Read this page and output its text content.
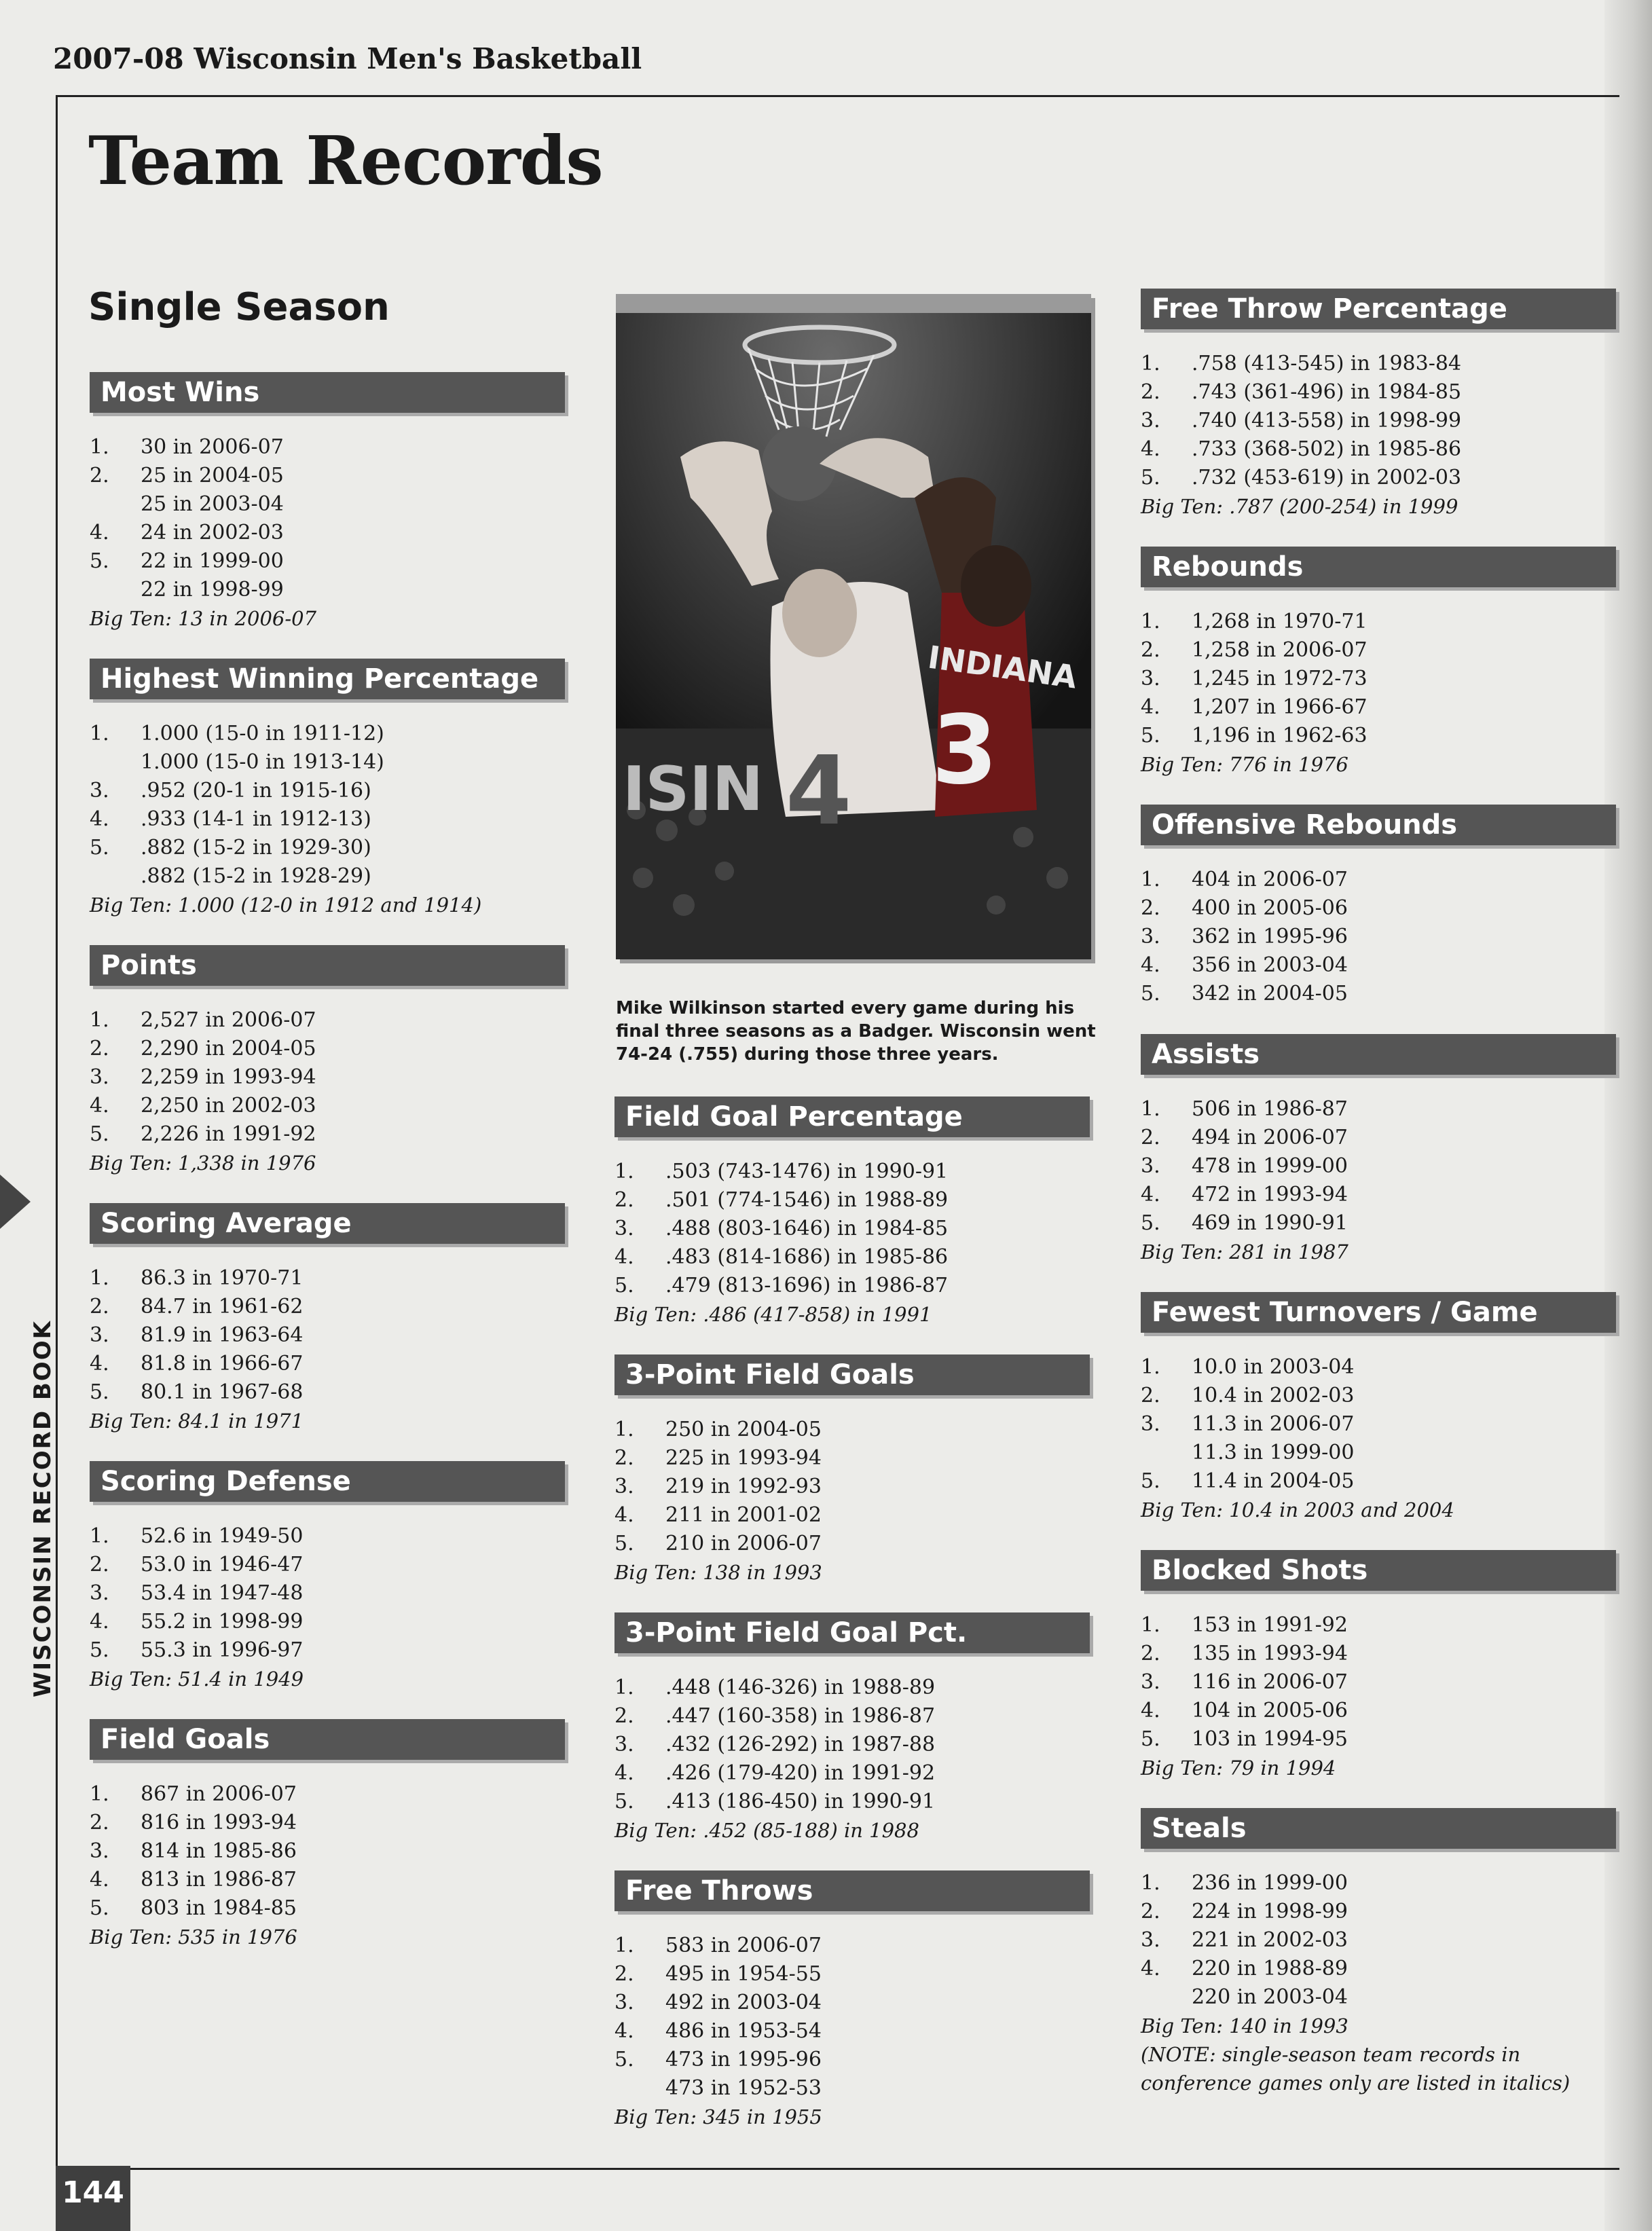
2007-08 Wisconsin Men's Basketball
Team Records
Single Season
WISCONSIN RECORD BOOK
Most Wins
1.	30 in 2006-07
2.	25 in 2004-05
25 in 2003-04
4.	24 in 2002-03
5.	22 in 1999-00
22 in 1998-99
Big Ten: 13 in 2006-07
Highest Winning Percentage
1.	1.000 (15-0 in 1911-12)
1.000 (15-0 in 1913-14)
3.	.952 (20-1 in 1915-16)
4.	.933 (14-1 in 1912-13)
5.	.882 (15-2 in 1929-30)
.882 (15-2 in 1928-29)
Big Ten: 1.000 (12-0 in 1912 and 1914)
Points
1.	2,527 in 2006-07
2.	2,290 in 2004-05
3.	2,259 in 1993-94
4.	2,250 in 2002-03
5.	2,226 in 1991-92
Big Ten: 1,338 in 1976
Scoring Average
1.	86.3 in 1970-71
2.	84.7 in 1961-62
3.	81.9 in 1963-64
4.	81.8 in 1966-67
5.	80.1 in 1967-68
Big Ten: 84.1 in 1971
Scoring Defense
1.	52.6 in 1949-50
2.	53.0 in 1946-47
3.	53.4 in 1947-48
4.	55.2 in 1998-99
5.	55.3 in 1996-97
Big Ten: 51.4 in 1949
Field Goals
1.	867 in 2006-07
2.	816 in 1993-94
3.	814 in 1985-86
4.	813 in 1986-87
5.	803 in 1984-85
Big Ten: 535 in 1976
ISIN 4
INDIANA
3
Mike Wilkinson started every game during his final three seasons as a Badger. Wisconsin went 74-24 (.755) during those three years.
Field Goal Percentage
1.	.503 (743-1476) in 1990-91
2.	.501 (774-1546) in 1988-89
3.	.488 (803-1646) in 1984-85
4.	.483 (814-1686) in 1985-86
5.	.479 (813-1696) in 1986-87
Big Ten: .486 (417-858) in 1991
3-Point Field Goals
1.	250 in 2004-05
2.	225 in 1993-94
3.	219 in 1992-93
4.	211 in 2001-02
5.	210 in 2006-07
Big Ten: 138 in 1993
3-Point Field Goal Pct.
1.	.448 (146-326) in 1988-89
2.	.447 (160-358) in 1986-87
3.	.432 (126-292) in 1987-88
4.	.426 (179-420) in 1991-92
5.	.413 (186-450) in 1990-91
Big Ten: .452 (85-188) in 1988
Free Throws
1.	583 in 2006-07
2.	495 in 1954-55
3.	492 in 2003-04
4.	486 in 1953-54
5.	473 in 1995-96
473 in 1952-53
Big Ten: 345 in 1955
Free Throw Percentage
1.	.758 (413-545) in 1983-84
2.	.743 (361-496) in 1984-85
3.	.740 (413-558) in 1998-99
4.	.733 (368-502) in 1985-86
5.	.732 (453-619) in 2002-03
Big Ten: .787 (200-254) in 1999
Rebounds
1.	1,268 in 1970-71
2.	1,258 in 2006-07
3.	1,245 in 1972-73
4.	1,207 in 1966-67
5.	1,196 in 1962-63
Big Ten: 776 in 1976
Offensive Rebounds
1.	404 in 2006-07
2.	400 in 2005-06
3.	362 in 1995-96
4.	356 in 2003-04
5.	342 in 2004-05
Assists
1.	506 in 1986-87
2.	494 in 2006-07
3.	478 in 1999-00
4.	472 in 1993-94
5.	469 in 1990-91
Big Ten: 281 in 1987
Fewest Turnovers / Game
1.	10.0 in 2003-04
2.	10.4 in 2002-03
3.	11.3 in 2006-07
11.3 in 1999-00
5.	11.4 in 2004-05
Big Ten: 10.4 in 2003 and 2004
Blocked Shots
1.	153 in 1991-92
2.	135 in 1993-94
3.	116 in 2006-07
4.	104 in 2005-06
5.	103 in 1994-95
Big Ten: 79 in 1994
Steals
1.	236 in 1999-00
2.	224 in 1998-99
3.	221 in 2002-03
4.	220 in 1988-89
220 in 2003-04
Big Ten: 140 in 1993
(NOTE: single-season team records in conference games only are listed in italics)
144
